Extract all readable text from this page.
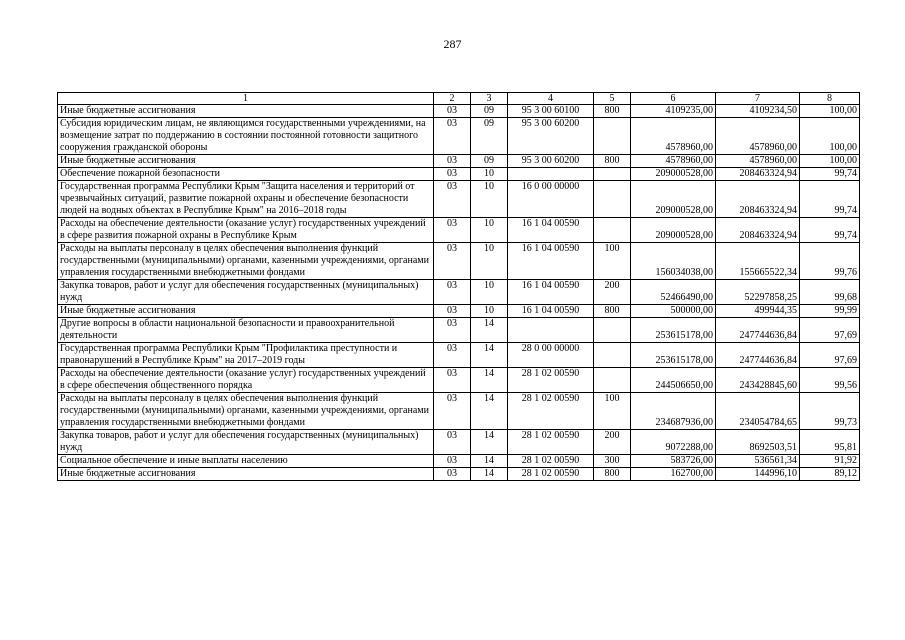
287
1	2	3	4	5	6	7	8
Иные бюджетные ассигнования	03	09	95 3 00 60100	800	4109235,00	4109234,50	100,00
Субсидия юридическим лицам, не являющимся государственными учреждениями, на возмещение затрат по поддержанию в состоянии постоянной готовности защитного сооружения гражданской обороны	03	09	95 3 00 60200		4578960,00	4578960,00	100,00
Иные бюджетные ассигнования	03	09	95 3 00 60200	800	4578960,00	4578960,00	100,00
Обеспечение пожарной безопасности	03	10			209000528,00	208463324,94	99,74
Государственная программа Республики Крым "Защита населения и территорий от чрезвычайных ситуаций, развитие пожарной охраны и обеспечение безопасности людей на водных объектах в Республике Крым" на 2016–2018 годы	03	10	16 0 00 00000		209000528,00	208463324,94	99,74
Расходы на обеспечение деятельности (оказание услуг) государственных учреждений в сфере развития пожарной охраны в Республике Крым	03	10	16 1 04 00590		209000528,00	208463324,94	99,74
Расходы на выплаты персоналу в целях обеспечения выполнения функций государственными (муниципальными) органами, казенными учреждениями, органами управления государственными внебюджетными фондами	03	10	16 1 04 00590	100	156034038,00	155665522,34	99,76
Закупка товаров, работ и услуг для обеспечения государственных (муниципальных) нужд	03	10	16 1 04 00590	200	52466490,00	52297858,25	99,68
Иные бюджетные ассигнования	03	10	16 1 04 00590	800	500000,00	499944,35	99,99
Другие вопросы в области национальной безопасности и правоохранительной деятельности	03	14			253615178,00	247744636,84	97,69
Государственная программа Республики Крым "Профилактика преступности и правонарушений в Республике Крым" на 2017–2019 годы	03	14	28 0 00 00000		253615178,00	247744636,84	97,69
Расходы на обеспечение деятельности (оказание услуг) государственных учреждений в сфере обеспечения общественного порядка	03	14	28 1 02 00590		244506650,00	243428845,60	99,56
Расходы на выплаты персоналу в целях обеспечения выполнения функций государственными (муниципальными) органами, казенными учреждениями, органами управления государственными внебюджетными фондами	03	14	28 1 02 00590	100	234687936,00	234054784,65	99,73
Закупка товаров, работ и услуг для обеспечения государственных (муниципальных) нужд	03	14	28 1 02 00590	200	9072288,00	8692503,51	95,81
Социальное обеспечение и иные выплаты населению	03	14	28 1 02 00590	300	583726,00	536561,34	91,92
Иные бюджетные ассигнования	03	14	28 1 02 00590	800	162700,00	144996,10	89,12
